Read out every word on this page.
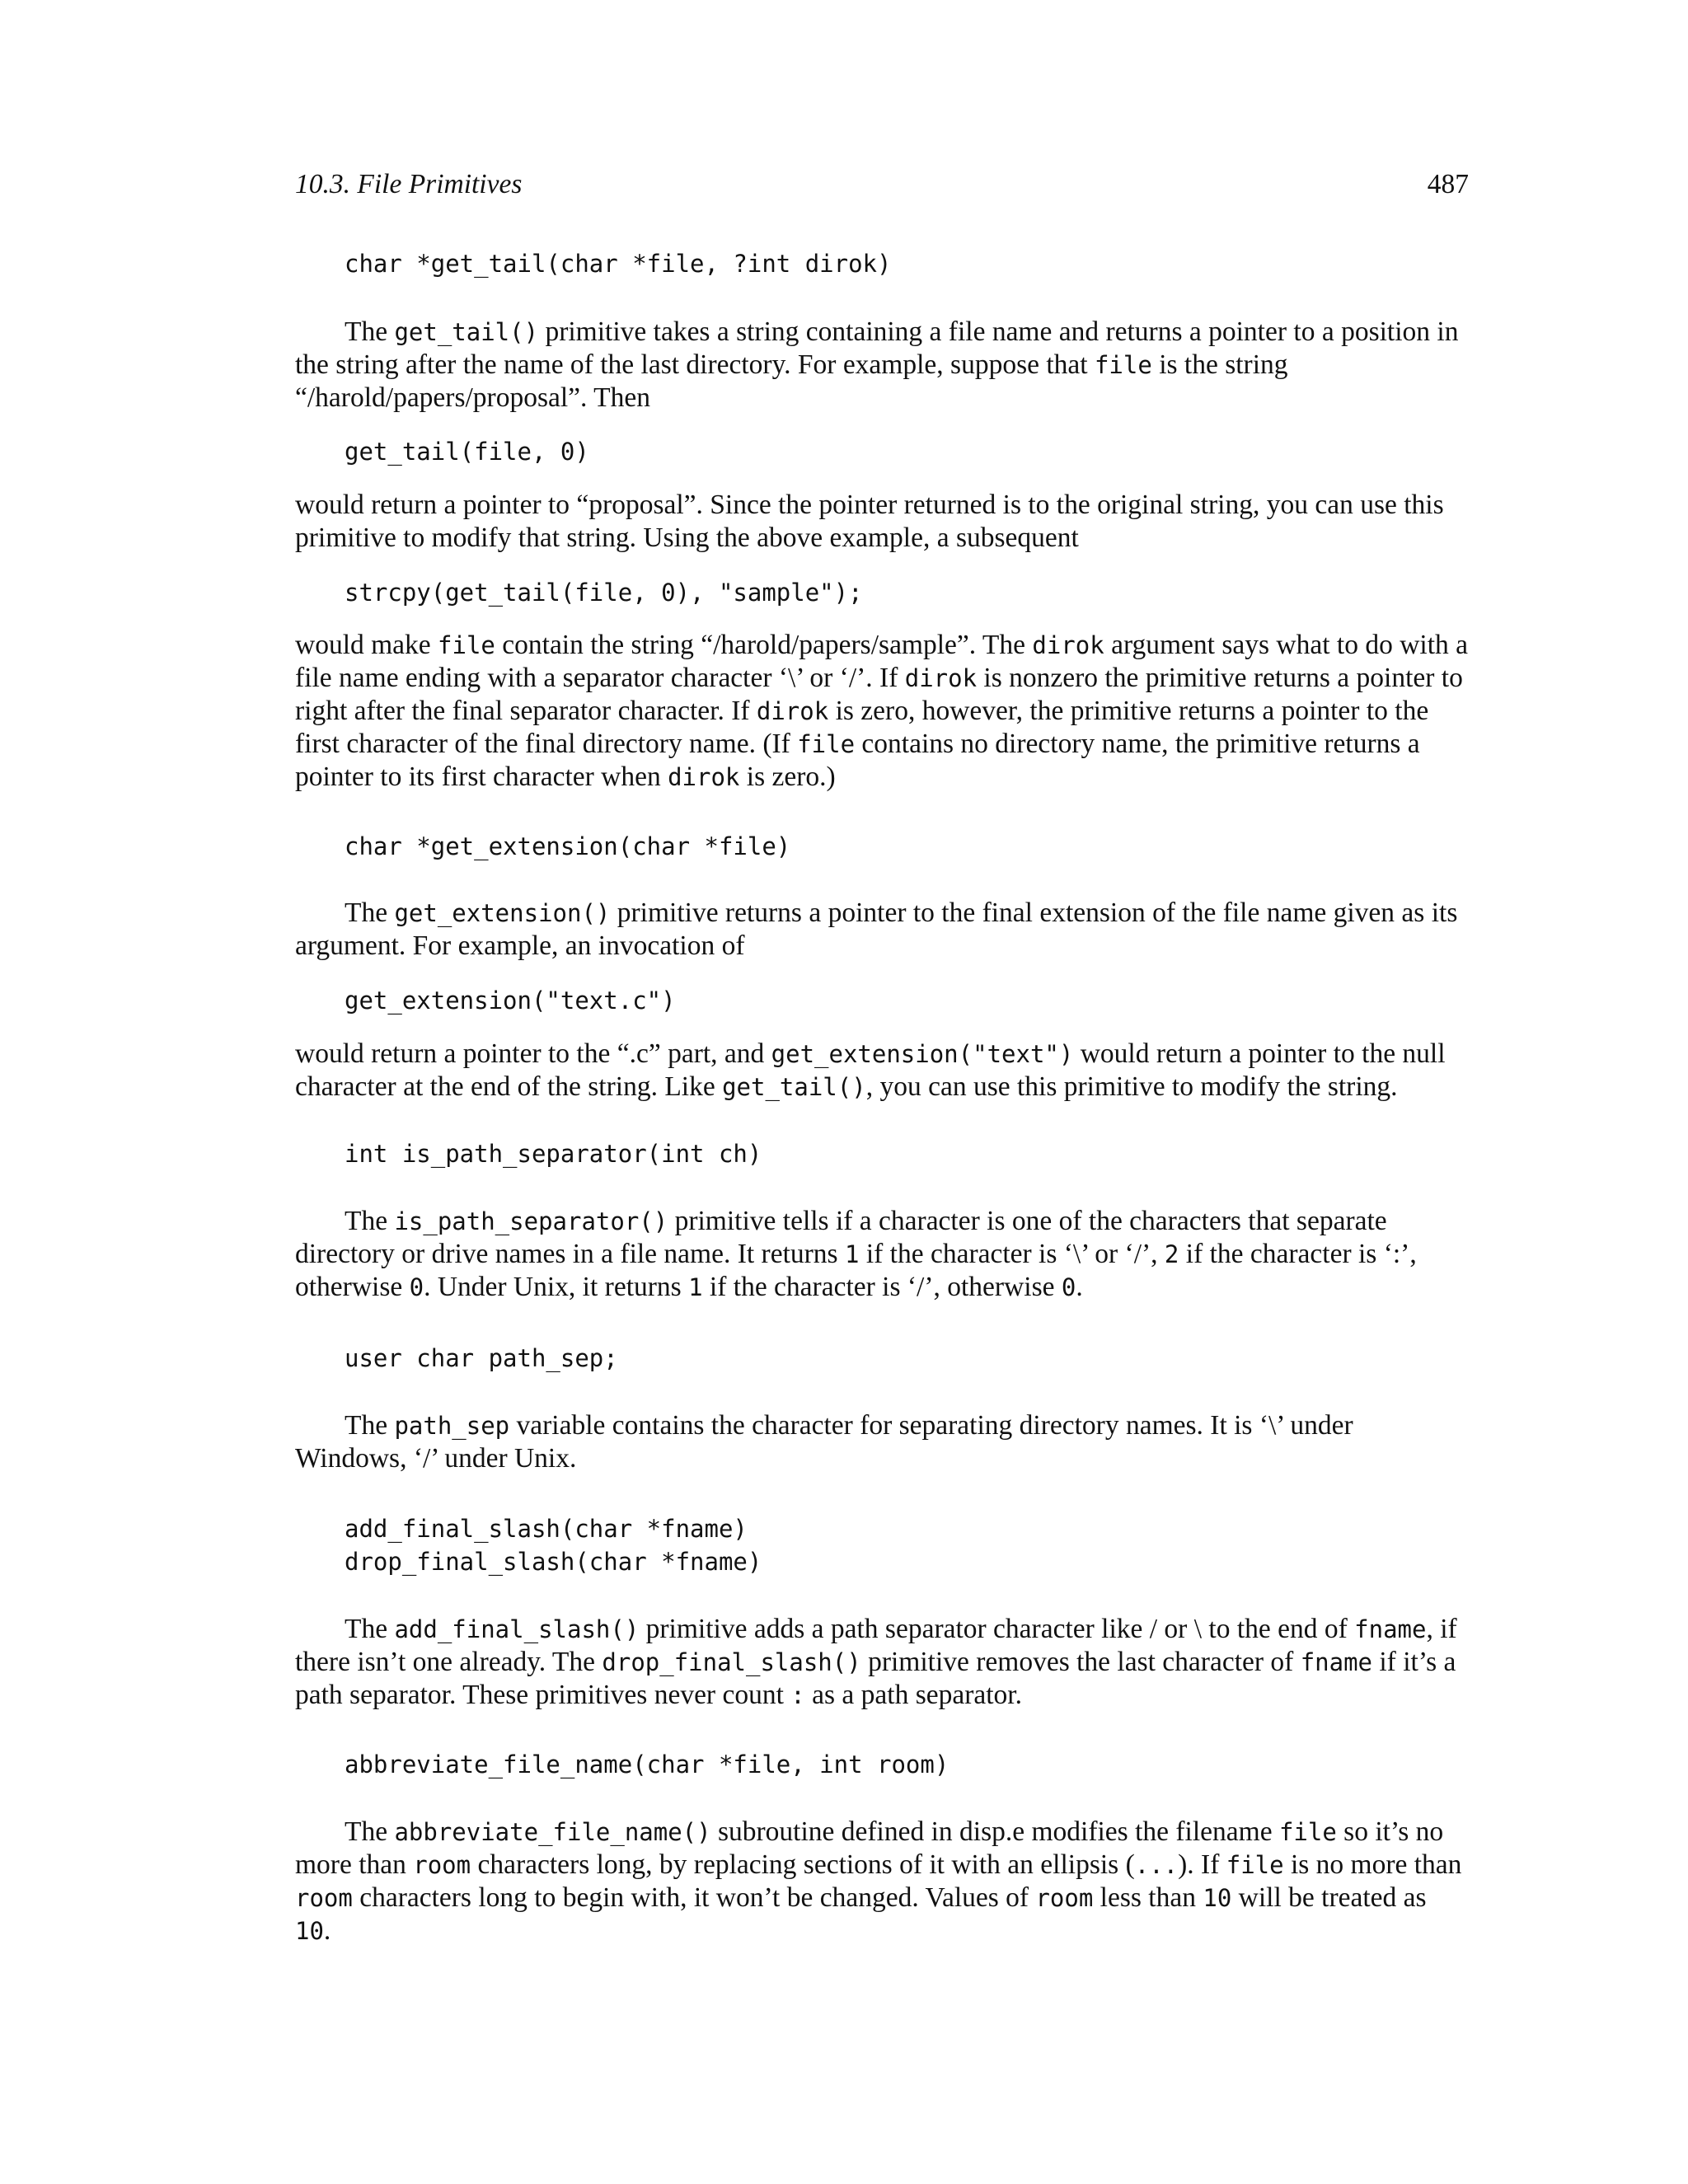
10.3. File Primitives	487
char *get_tail(char *file, ?int dirok)

The get_tail() primitive takes a string containing a file name and returns a pointer to a position in the string after the name of the last directory. For example, suppose that file is the string “/harold/papers/proposal”. Then

get_tail(file, 0)

would return a pointer to “proposal”. Since the pointer returned is to the original string, you can use this primitive to modify that string. Using the above example, a subsequent

strcpy(get_tail(file, 0), "sample");

would make file contain the string “/harold/papers/sample”. The dirok argument says what to do with a file name ending with a separator character ‘\’ or ‘/’. If dirok is nonzero the primitive returns a pointer to right after the final separator character. If dirok is zero, however, the primitive returns a pointer to the first character of the final directory name. (If file contains no directory name, the primitive returns a pointer to its first character when dirok is zero.)

char *get_extension(char *file)

The get_extension() primitive returns a pointer to the final extension of the file name given as its argument. For example, an invocation of

get_extension("text.c")

would return a pointer to the “.c” part, and get_extension("text") would return a pointer to the null character at the end of the string. Like get_tail(), you can use this primitive to modify the string.

int is_path_separator(int ch)

The is_path_separator() primitive tells if a character is one of the characters that separate directory or drive names in a file name. It returns 1 if the character is ‘\’ or ‘/’, 2 if the character is ‘:’, otherwise 0. Under Unix, it returns 1 if the character is ‘/’, otherwise 0.

user char path_sep;

The path_sep variable contains the character for separating directory names. It is ‘\’ under Windows, ‘/’ under Unix.

add_final_slash(char *fname)
drop_final_slash(char *fname)

The add_final_slash() primitive adds a path separator character like / or \ to the end of fname, if there isn’t one already. The drop_final_slash() primitive removes the last character of fname if it’s a path separator. These primitives never count : as a path separator.

abbreviate_file_name(char *file, int room)

The abbreviate_file_name() subroutine defined in disp.e modifies the filename file so it’s no more than room characters long, by replacing sections of it with an ellipsis (...). If file is no more than room characters long to begin with, it won’t be changed. Values of room less than 10 will be treated as 10.
